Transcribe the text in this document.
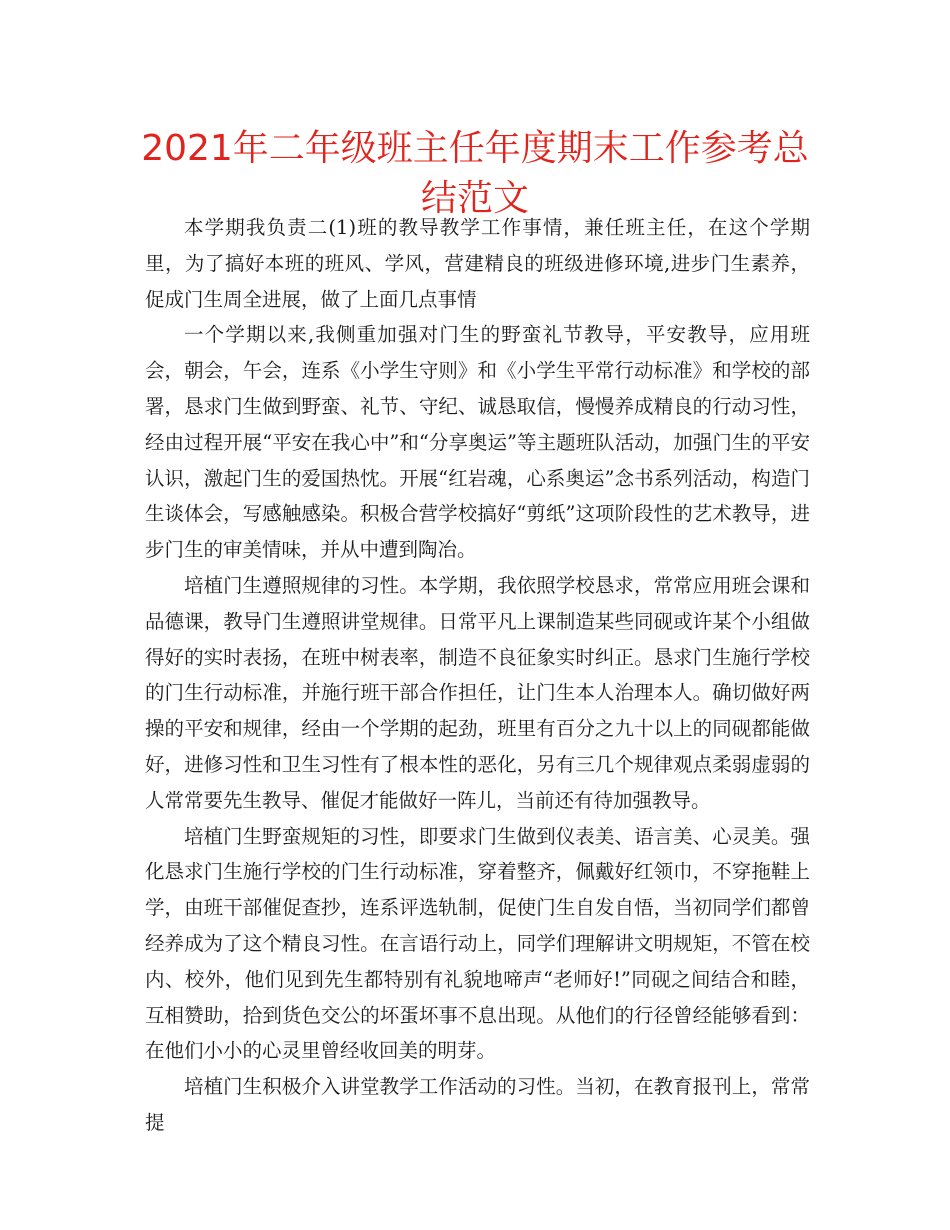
2021年二年级班主任年度期末工作参考总结范文

本学期我负责二(1)班的教导教学工作事情，兼任班主任，在这个学期里，为了搞好本班的班风、学风，营建精良的班级进修环境,进步门生素养，促成门生周全进展，做了上面几点事情

一个学期以来,我侧重加强对门生的野蛮礼节教导，平安教导，应用班会，朝会，午会，连系《小学生守则》和《小学生平常行动标准》和学校的部署，恳求门生做到野蛮、礼节、守纪、诚恳取信，慢慢养成精良的行动习性，经由过程开展“平安在我心中”和“分享奥运”等主题班队活动，加强门生的平安认识，激起门生的爱国热忱。开展“红岩魂，心系奥运”念书系列活动，构造门生谈体会，写感触感染。积极合营学校搞好“剪纸”这项阶段性的艺术教导，进步门生的审美情味，并从中遭到陶冶。

培植门生遵照规律的习性。本学期，我依照学校恳求，常常应用班会课和品德课，教导门生遵照讲堂规律。日常平凡上课制造某些同砚或许某个小组做得好的实时表扬，在班中树表率，制造不良征象实时纠正。恳求门生施行学校的门生行动标准，并施行班干部合作担任，让门生本人治理本人。确切做好两操的平安和规律，经由一个学期的起劲，班里有百分之九十以上的同砚都能做好，进修习性和卫生习性有了根本性的恶化，另有三几个规律观点柔弱虚弱的人常常要先生教导、催促才能做好一阵儿，当前还有待加强教导。

培植门生野蛮规矩的习性，即要求门生做到仪表美、语言美、心灵美。强化恳求门生施行学校的门生行动标准，穿着整齐，佩戴好红领巾，不穿拖鞋上学，由班干部催促查抄，连系评选轨制，促使门生自发自悟，当初同学们都曾经养成为了这个精良习性。在言语行动上，同学们理解讲文明规矩，不管在校内、校外，他们见到先生都特别有礼貌地啼声“老师好!”同砚之间结合和睦，互相赞助，拾到货色交公的坏蛋坏事不息出现。从他们的行径曾经能够看到：在他们小小的心灵里曾经收回美的明芽。

培植门生积极介入讲堂教学工作活动的习性。当初，在教育报刊上，常常提
